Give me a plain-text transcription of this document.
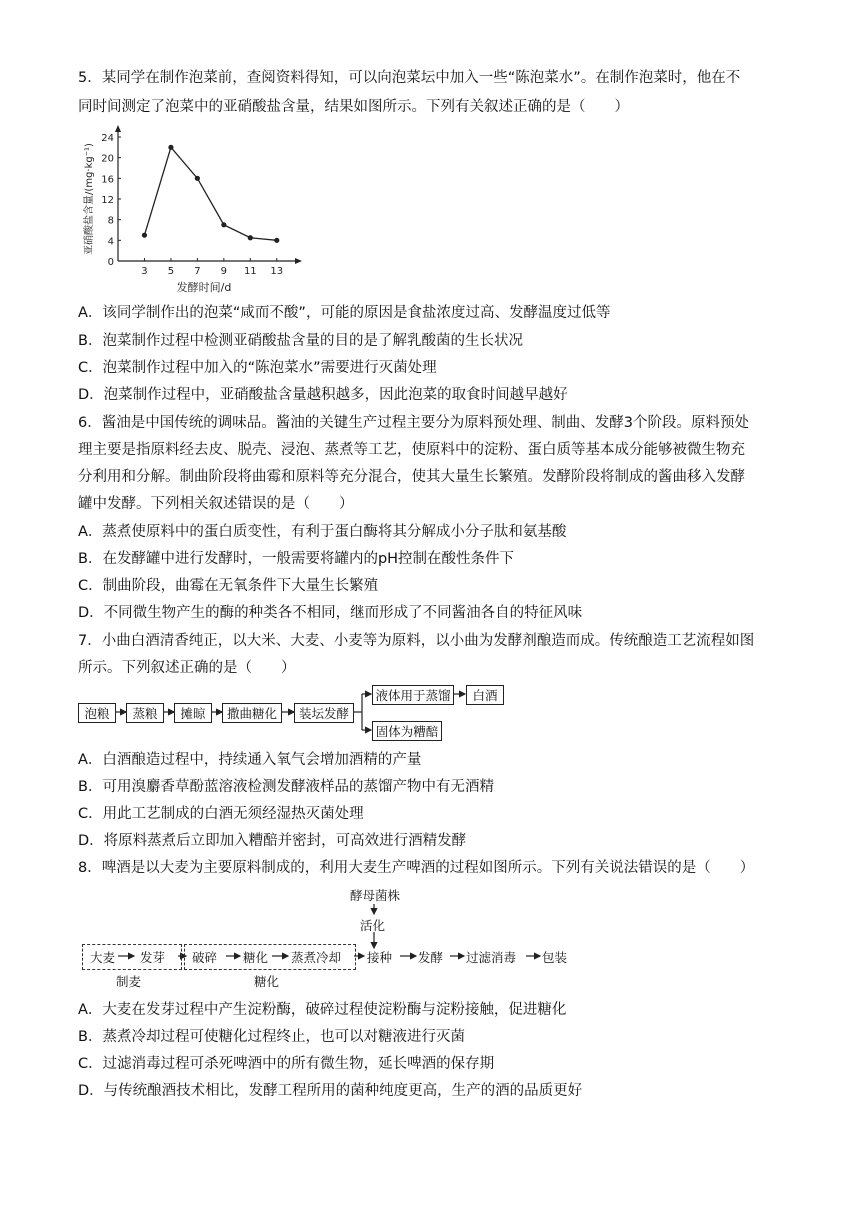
5．某同学在制作泡菜前，查阅资料得知，可以向泡菜坛中加入一些“陈泡菜水”。在制作泡菜时，他在不
同时间测定了泡菜中的亚硝酸盐含量，结果如图所示。下列有关叙述正确的是（　　）
0
4
8
12
16
20
24
3 5 7 9 11 13
发酵时间/d
亚硝酸盐含量/(mg·kg⁻¹)
A．该同学制作出的泡菜“咸而不酸”，可能的原因是食盐浓度过高、发酵温度过低等
B．泡菜制作过程中检测亚硝酸盐含量的目的是了解乳酸菌的生长状况
C．泡菜制作过程中加入的“陈泡菜水”需要进行灭菌处理
D．泡菜制作过程中，亚硝酸盐含量越积越多，因此泡菜的取食时间越早越好
6．酱油是中国传统的调味品。酱油的关键生产过程主要分为原料预处理、制曲、发酵3个阶段。原料预处
理主要是指原料经去皮、脱壳、浸泡、蒸煮等工艺，使原料中的淀粉、蛋白质等基本成分能够被微生物充
分利用和分解。制曲阶段将曲霉和原料等充分混合，使其大量生长繁殖。发酵阶段将制成的酱曲移入发酵
罐中发酵。下列相关叙述错误的是（　　）
A．蒸煮使原料中的蛋白质变性，有利于蛋白酶将其分解成小分子肽和氨基酸
B．在发酵罐中进行发酵时，一般需要将罐内的pH控制在酸性条件下
C．制曲阶段，曲霉在无氧条件下大量生长繁殖
D．不同微生物产生的酶的种类各不相同，继而形成了不同酱油各自的特征风味
7．小曲白酒清香纯正，以大米、大麦、小麦等为原料，以小曲为发酵剂酿造而成。传统酿造工艺流程如图
所示。下列叙述正确的是（　　）
泡粮	蒸粮	摊晾	撒曲糖化	装坛发酵
液体用于蒸馏	白酒
固体为糟醅
A．白酒酿造过程中，持续通入氧气会增加酒精的产量
B．可用溴麝香草酚蓝溶液检测发酵液样品的蒸馏产物中有无酒精
C．用此工艺制成的白酒无须经湿热灭菌处理
D．将原料蒸煮后立即加入糟醅并密封，可高效进行酒精发酵
8．啤酒是以大麦为主要原料制成的，利用大麦生产啤酒的过程如图所示。下列有关说法错误的是（　　）
酵母菌株
活化
大麦 发芽
制麦
破碎 糖化 蒸煮冷却
糖化
接种 发酵 过滤消毒 包装
A．大麦在发芽过程中产生淀粉酶，破碎过程使淀粉酶与淀粉接触，促进糖化
B．蒸煮冷却过程可使糖化过程终止，也可以对糖液进行灭菌
C．过滤消毒过程可杀死啤酒中的所有微生物，延长啤酒的保存期
D．与传统酿酒技术相比，发酵工程所用的菌种纯度更高，生产的酒的品质更好
